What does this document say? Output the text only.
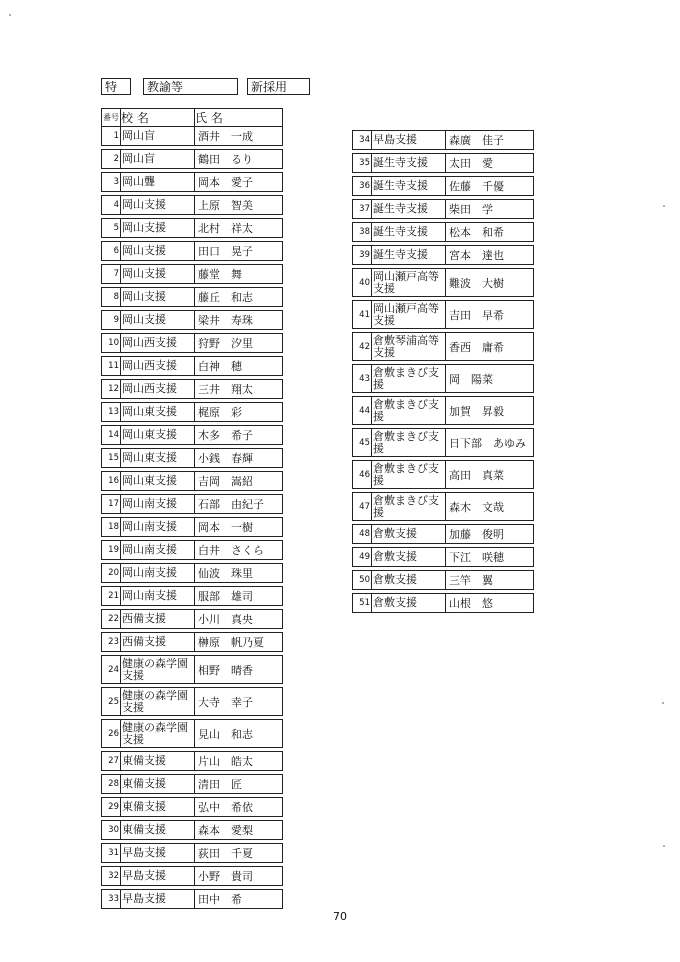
特	教諭等	新採用
番号	校 名	氏 名
1	岡山盲	酒井　一成

2	岡山盲	鶴田　るり

3	岡山聾	岡本　愛子

4	岡山支援	上原　智美

5	岡山支援	北村　祥太

6	岡山支援	田口　晃子

7	岡山支援	藤堂　舞

8	岡山支援	藤丘　和志

9	岡山支援	梁井　寿珠

10	岡山西支援	狩野　汐里

11	岡山西支援	白神　穂

12	岡山西支援	三井　翔太

13	岡山東支援	梶原　彩

14	岡山東支援	木多　希子

15	岡山東支援	小銭　春輝

16	岡山東支援	吉岡　嵩紹

17	岡山南支援	石部　由紀子

18	岡山南支援	岡本　一樹

19	岡山南支援	白井　さくら

20	岡山南支援	仙波　珠里

21	岡山南支援	服部　雄司

22	西備支援	小川　真央

23	西備支援	榊原　帆乃夏

24	健康の森学園支援	相野　晴香

25	健康の森学園支援	大寺　幸子

26	健康の森学園支援	見山　和志

27	東備支援	片山　皓太

28	東備支援	清田　匠

29	東備支援	弘中　希依

30	東備支援	森本　愛梨

31	早島支援	荻田　千夏

32	早島支援	小野　貴司

33	早島支援	田中　希
34	早島支援	森廣　佳子

35	誕生寺支援	太田　愛

36	誕生寺支援	佐藤　千優

37	誕生寺支援	柴田　学

38	誕生寺支援	松本　和希

39	誕生寺支援	宮本　達也

40	岡山瀬戸高等支援	難波　大樹

41	岡山瀬戸高等支援	吉田　早希

42	倉敷琴浦高等支援	香西　庸希

43	倉敷まきび支援	岡　陽菜

44	倉敷まきび支援	加賀　昇毅

45	倉敷まきび支援	日下部　あゆみ

46	倉敷まきび支援	高田　真菜

47	倉敷まきび支援	森木　文哉

48	倉敷支援	加藤　俊明

49	倉敷支援	下江　咲穂

50	倉敷支援	三竿　翼

51	倉敷支援	山根　悠
70
